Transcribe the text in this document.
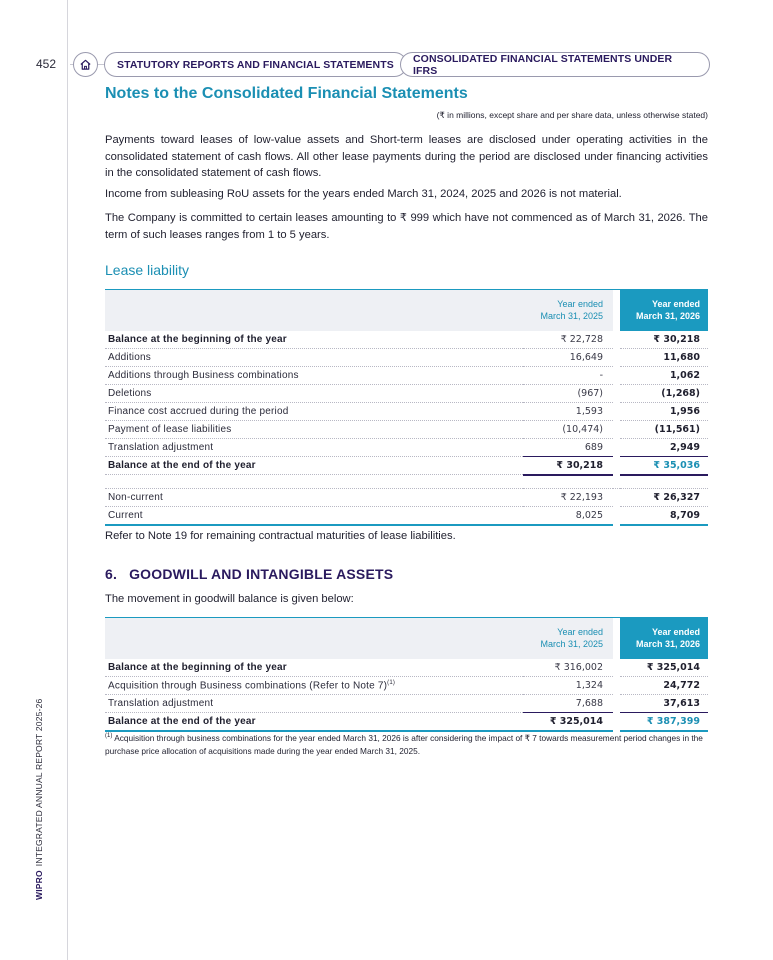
452
WIPROINTEGRATED ANNUAL REPORT 2025-26
STATUTORY REPORTS AND FINANCIAL STATEMENTS	CONSOLIDATED FINANCIAL STATEMENTS UNDER IFRS
Notes to the Consolidated Financial Statements
(₹ in millions, except share and per share data, unless otherwise stated)

Payments toward leases of low-value assets and Short-term leases are disclosed under operating activities in the consolidated statement of cash flows. All other lease payments during the period are disclosed under financing activities in the consolidated statement of cash flows.

Income from subleasing RoU assets for the years ended March 31, 2024, 2025 and 2026 is not material.

The Company is committed to certain leases amounting to ₹ 999 which have not commenced as of March 31, 2026. The term of such leases ranges from 1 to 5 years.

Lease liability
	Year ended
March 31, 2025		Year ended
March 31, 2026
Balance at the beginning of the year	₹ 22,728		₹ 30,218
Additions	16,649		11,680
Additions through Business combinations	-		1,062
Deletions	(967)		(1,268)
Finance cost accrued during the period	1,593		1,956
Payment of lease liabilities	(10,474)		(11,561)
Translation adjustment	689		2,949
Balance at the end of the year	₹ 30,218		₹ 35,036

Non-current	₹ 22,193		₹ 26,327
Current	8,025		8,709
Refer to Note 19 for remaining contractual maturities of lease liabilities.
6. GOODWILL AND INTANGIBLE ASSETS
The movement in goodwill balance is given below:
	Year ended
March 31, 2025		Year ended
March 31, 2026
Balance at the beginning of the year	₹ 316,002		₹ 325,014
Acquisition through Business combinations (Refer to Note 7)$^{(1)}$	1,324		24,772
Translation adjustment	7,688		37,613
Balance at the end of the year	₹ 325,014		₹ 387,399
$^{(1)}$ Acquisition through business combinations for the year ended March 31, 2026 is after considering the impact of ₹ 7 towards measurement period changes in the purchase price allocation of acquisitions made during the year ended March 31, 2025.
